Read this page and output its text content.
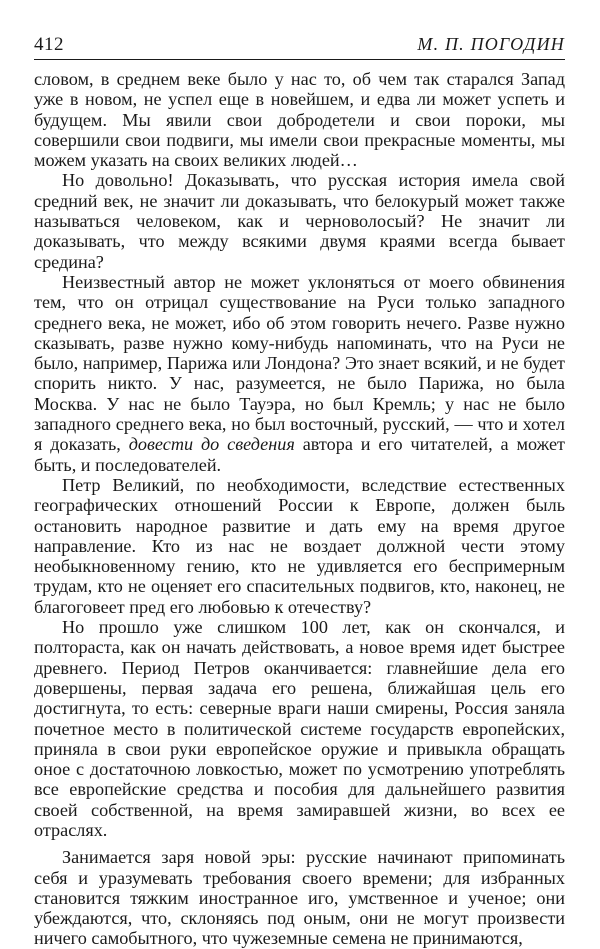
412	М. П. ПОГОДИН

словом, в среднем веке было у нас то, об чем так старался Запад уже в новом, не успел еще в новейшем, и едва ли может успеть и будущем. Мы явили свои добродетели и свои пороки, мы совершили свои подвиги, мы имели свои прекрасные моменты, мы можем указать на своих великих людей…

Но довольно! Доказывать, что русская история имела свой средний век, не значит ли доказывать, что белокурый может также называться человеком, как и черноволосый? Не значит ли доказывать, что между всякими двумя краями всегда бывает средина?

Неизвестный автор не может уклоняться от моего обвинения тем, что он отрицал существование на Руси только западного среднего века, не может, ибо об этом говорить нечего. Разве нужно сказывать, разве нужно кому-нибудь напоминать, что на Руси не было, например, Парижа или Лондона? Это знает всякий, и не будет спорить никто. У нас, разумеется, не было Парижа, но была Москва. У нас не было Тауэра, но был Кремль; у нас не было западного среднего века, но был восточный, русский, — что и хотел я доказать, довести до сведения автора и его читателей, а может быть, и последователей.

Петр Великий, по необходимости, вследствие естественных географических отношений России к Европе, должен быль остановить народное развитие и дать ему на время другое направление. Кто из нас не воздает должной чести этому необыкновенному гению, кто не удивляется его беспримерным трудам, кто не оценяет его спасительных подвигов, кто, наконец, не благоговеет пред его любовью к отечеству?

Но прошло уже слишком 100 лет, как он скончался, и полтораста, как он начать действовать, а новое время идет быстрее древнего. Период Петров оканчивается: главнейшие дела его довершены, первая задача его решена, ближайшая цель его достигнута, то есть: северные враги наши смирены, Россия заняла почетное место в политической системе государств европейских, приняла в свои руки европейское оружие и привыкла обращать оное с достаточною ловкостью, может по усмотрению употреблять все европейские средства и пособия для дальнейшего развития своей собственной, на время замиравшей жизни, во всех ее отраслях.

Занимается заря новой эры: русские начинают припоминать себя и уразумевать требования своего времени; для избранных становится тяжким иностранное иго, умственное и ученое; они убеждаются, что, склоняясь под оным, они не могут произвести ничего самобытного, что чужеземные семена не принимаются,
